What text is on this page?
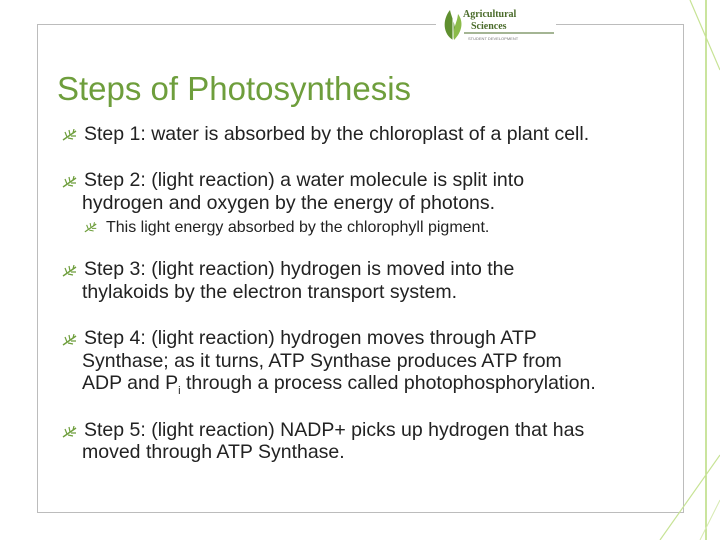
Agricultural
Sciences
STUDENT DEVELOPMENT
Steps of Photosynthesis
Step 1: water is absorbed by the chloroplast of a plant cell.
Step 2: (light reaction) a water molecule is split into
hydrogen and oxygen by the energy of photons.
This light energy absorbed by the chlorophyll pigment.
Step 3: (light reaction) hydrogen is moved into the
thylakoids by the electron transport system.
Step 4: (light reaction) hydrogen moves through ATP
Synthase; as it turns, ATP Synthase produces ATP from
ADP and $P_i$ through a process called photophosphorylation.
Step 5: (light reaction) NADP+ picks up hydrogen that has
moved through ATP Synthase.
